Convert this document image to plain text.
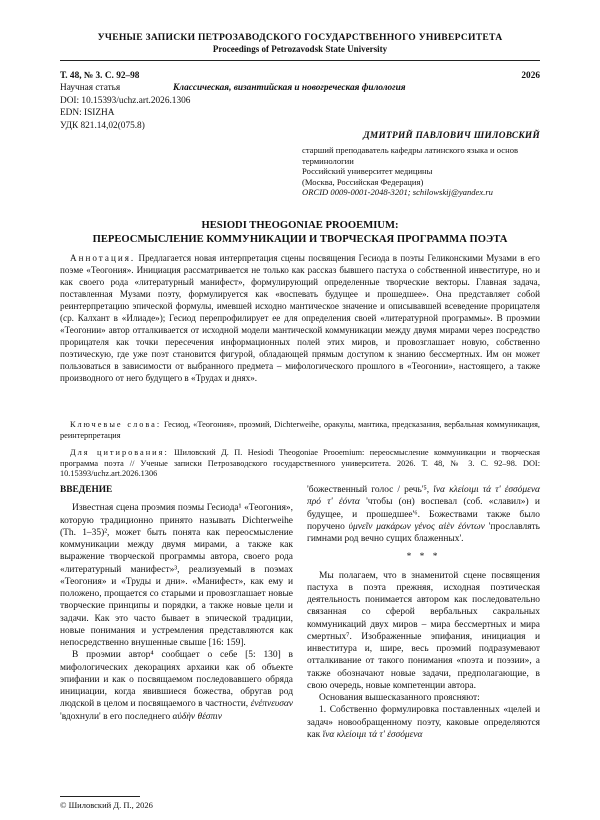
УЧЕНЫЕ ЗАПИСКИ ПЕТРОЗАВОДСКОГО ГОСУДАРСТВЕННОГО УНИВЕРСИТЕТА
Proceedings of Petrozavodsk State University
Т. 48, № 3. С. 92–98	2026
Научная статья	Классическая, византийская и новогреческая филология
DOI: 10.15393/uchz.art.2026.1306
EDN: ISIZHA
УДК 821.14,02(075.8)
ДМИТРИЙ ПАВЛОВИЧ ШИЛОВСКИЙ
старший преподаватель кафедры латинского языка и основ терминологии
Российский университет медицины
(Москва, Российская Федерация)
ORCID 0009-0001-2048-3201; schilowskij@yandex.ru
HESIODI THEOGONIAE PROOEMIUM:
ПЕРЕОСМЫСЛЕНИЕ КОММУНИКАЦИИ И ТВОРЧЕСКАЯ ПРОГРАММА ПОЭТА
Аннотация. Предлагается новая интерпретация сцены посвящения Гесиода в поэты Геликонскими Музами в его поэме «Теогония». Инициация рассматривается не только как рассказ бывшего пастуха о собственной инвеституре, но и как своего рода «литературный манифест», формулирующий определенные творческие векторы. Главная задача, поставленная Музами поэту, формулируется как «воспевать будущее и прошедшее». Она представляет собой реинтерпретацию эпической формулы, имевшей исходно мантическое значение и описывавшей всеведение прорицателя (ср. Калхант в «Илиаде»); Гесиод перепрофилирует ее для определения своей «литературной программы». В проэмии «Теогонии» автор отталкивается от исходной модели мантической коммуникации между двумя мирами через посредство прорицателя как точки пересечения информационных полей этих миров, и провозглашает новую, собственно поэтическую, где уже поэт становится фигурой, обладающей прямым доступом к знанию бессмертных. Им он может пользоваться в зависимости от выбранного предмета – мифологического прошлого в «Теогонии», настоящего, а также производного от него будущего в «Трудах и днях».
Ключевые слова: Гесиод, «Теогония», проэмий, Dichterweihe, оракулы, мантика, предсказания, вербальная коммуникация, реинтерпретация
Для цитирования: Шиловский Д. П. Hesiodi Theogoniae Prooemium: переосмысление коммуникации и творческая программа поэта // Ученые записки Петрозаводского государственного университета. 2026. Т. 48, № 3. С. 92–98. DOI: 10.15393/uchz.art.2026.1306
ВВЕДЕНИЕ

Известная сцена проэмия поэмы Гесиода¹ «Теогония», которую традиционно принято называть Dichterweihe (Th. 1–35)², может быть понята как переосмысление коммуникации между двумя мирами, а также как выражение творческой программы автора, своего рода «литературный манифест»³, реализуемый в поэмах «Теогония» и «Труды и дни». «Манифест», как ему и положено, прощается со старыми и провозглашает новые творческие принципы и порядки, а также новые цели и задачи. Как это часто бывает в эпической традиции, новые понимания и устремления представляются как непосредственно внушенные свыше [16: 159].

В проэмии автор⁴ сообщает о себе [5: 130] в мифологических декорациях архаики как об объекте эпифании и как о посвящаемом последовавшего обряда инициации, когда явившиеся божества, обругав род людской в целом и посвящаемого в частности, ἐνέπνευσαν 'вдохнули' в его последнего αὐδὴν θέσπιν

'божественный голос / речь'⁵, ἵνα κλείοιμι τά τ' ἐσσόμενα πρό τ' ἐόντα 'чтобы (он) воспевал (соб. «славил») и будущее, и прошедшее'⁶. Божествами также было поручено ὑμνεῖν μακάρων γένος αἰὲν ἐόντων 'прославлять гимнами род вечно сущих блаженных'.

* * *

Мы полагаем, что в знаменитой сцене посвящения пастуха в поэта прежняя, исходная поэтическая деятельность понимается автором как последовательно связанная со сферой вербальных сакральных коммуникаций двух миров – мира бессмертных и мира смертных⁷. Изображенные эпифания, инициация и инвеститура и, шире, весь проэмий подразумевают отталкивание от такого понимания «поэта и поэзии», а также обозначают новые задачи, предполагающие, в свою очередь, новые компетенции автора.

Основания вышесказанного проясняют:

1. Собственно формулировка поставленных «целей и задач» новообращенному поэту, каковые определяются как ἵνα κλείοιμι τά τ' ἐσσόμενα

© Шиловский Д. П., 2026
